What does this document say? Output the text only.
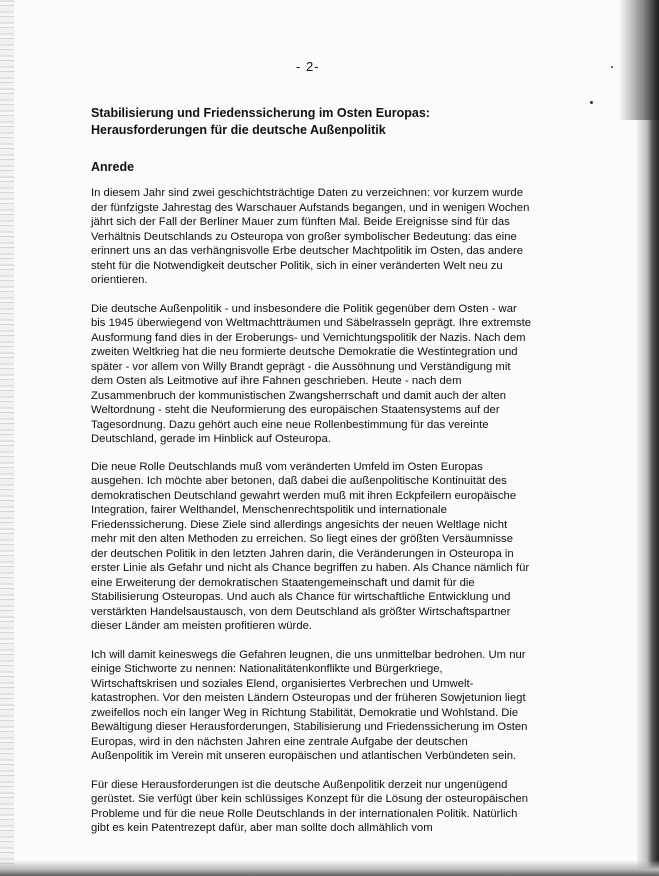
- 2-
Stabilisierung und Friedenssicherung im Osten Europas:
Herausforderungen für die deutsche Außenpolitik
Anrede

In diesem Jahr sind zwei geschichtsträchtige Daten zu verzeichnen: vor kurzem wurde der fünfzigste Jahrestag des Warschauer Aufstands begangen, und in wenigen Wochen jährt sich der Fall der Berliner Mauer zum fünften Mal. Beide Ereignisse sind für das Verhältnis Deutschlands zu Osteuropa von großer symbolischer Bedeutung: das eine erinnert uns an das verhängnisvolle Erbe deutscher Machtpolitik im Osten, das andere steht für die Notwendigkeit deutscher Politik, sich in einer veränderten Welt neu zu orientieren.

Die deutsche Außenpolitik - und insbesondere die Politik gegenüber dem Osten - war bis 1945 überwiegend von Weltmachtträumen und Säbelrasseln geprägt. Ihre extremste Ausformung fand dies in der Eroberungs- und Vernichtungspolitik der Nazis. Nach dem zweiten Weltkrieg hat die neu formierte deutsche Demokratie die Westintegration und später - vor allem von Willy Brandt geprägt - die Aussöhnung und Verständigung mit dem Osten als Leitmotive auf ihre Fahnen geschrieben. Heute - nach dem Zusammenbruch der kommunistischen Zwangsherrschaft und damit auch der alten Weltordnung - steht die Neuformierung des europäischen Staatensystems auf der Tagesordnung. Dazu gehört auch eine neue Rollenbestimmung für das vereinte Deutschland, gerade im Hinblick auf Osteuropa.

Die neue Rolle Deutschlands muß vom veränderten Umfeld im Osten Europas ausgehen. Ich möchte aber betonen, daß dabei die außenpolitische Kontinuität des demokratischen Deutschland gewahrt werden muß mit ihren Eckpfeilern europäische Integration, fairer Welthandel, Menschenrechtspolitik und internationale Friedenssicherung. Diese Ziele sind allerdings angesichts der neuen Weltlage nicht mehr mit den alten Methoden zu erreichen. So liegt eines der größten Versäumnisse der deutschen Politik in den letzten Jahren darin, die Veränderungen in Osteuropa in erster Linie als Gefahr und nicht als Chance begriffen zu haben. Als Chance nämlich für eine Erweiterung der demokratischen Staatengemeinschaft und damit für die Stabilisierung Osteuropas. Und auch als Chance für wirtschaftliche Entwicklung und verstärkten Handelsaustausch, von dem Deutschland als größter Wirtschaftspartner dieser Länder am meisten profitieren würde.

Ich will damit keineswegs die Gefahren leugnen, die uns unmittelbar bedrohen. Um nur einige Stichworte zu nennen: Nationalitätenkonflikte und Bürgerkriege, Wirtschaftskrisen und soziales Elend, organisiertes Verbrechen und Umwelt-katastrophen. Vor den meisten Ländern Osteuropas und der früheren Sowjetunion liegt zweifellos noch ein langer Weg in Richtung Stabilität, Demokratie und Wohlstand. Die Bewältigung dieser Herausforderungen, Stabilisierung und Friedenssicherung im Osten Europas, wird in den nächsten Jahren eine zentrale Aufgabe der deutschen Außenpolitik im Verein mit unseren europäischen und atlantischen Verbündeten sein.

Für diese Herausforderungen ist die deutsche Außenpolitik derzeit nur ungenügend gerüstet. Sie verfügt über kein schlüssiges Konzept für die Lösung der osteuropäischen Probleme und für die neue Rolle Deutschlands in der internationalen Politik. Natürlich gibt es kein Patentrezept dafür, aber man sollte doch allmählich vom
